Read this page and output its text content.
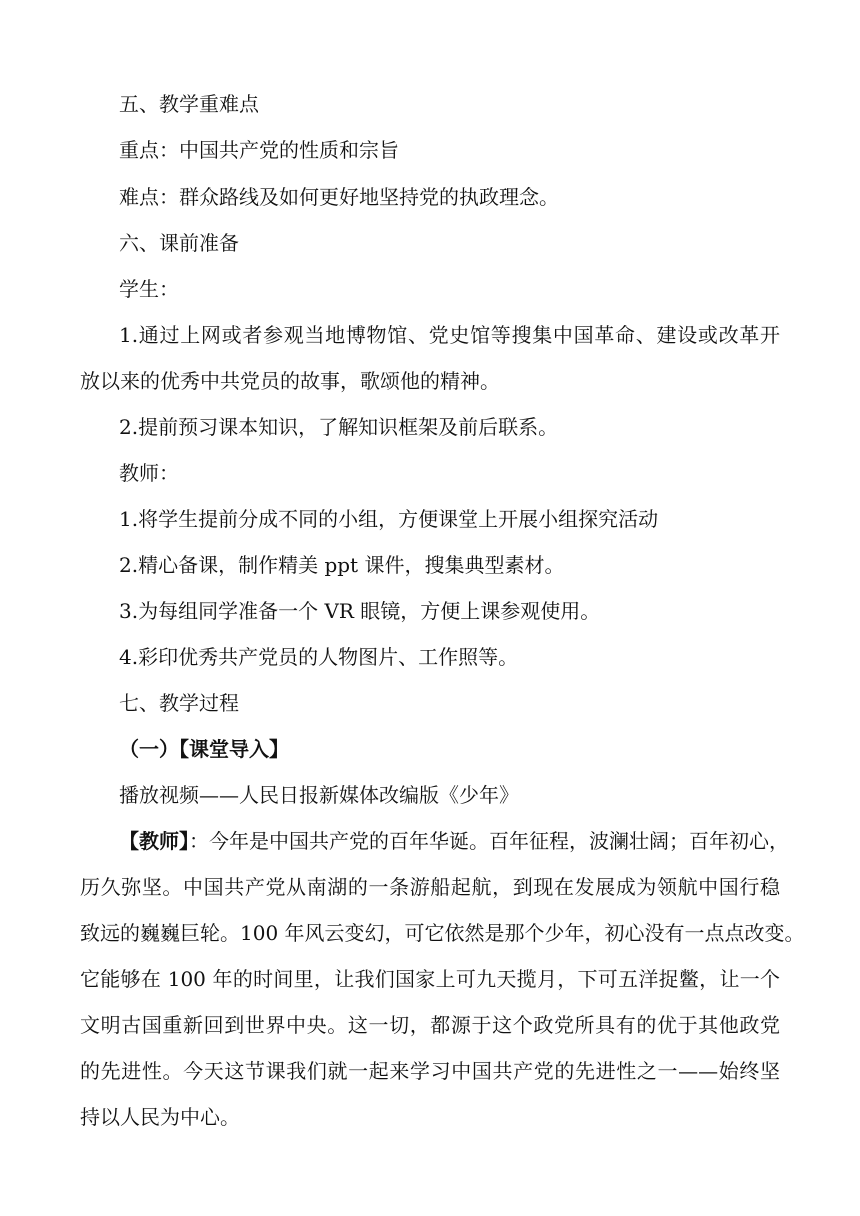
五、教学重难点
重点：中国共产党的性质和宗旨
难点：群众路线及如何更好地坚持党的执政理念。
六、课前准备
学生：
1.通过上网或者参观当地博物馆、党史馆等搜集中国革命、建设或改革开
放以来的优秀中共党员的故事，歌颂他的精神。
2.提前预习课本知识，了解知识框架及前后联系。
教师：
1.将学生提前分成不同的小组，方便课堂上开展小组探究活动
2.精心备课，制作精美 ppt 课件，搜集典型素材。
3.为每组同学准备一个 VR 眼镜，方便上课参观使用。
4.彩印优秀共产党员的人物图片、工作照等。
七、教学过程
（一）【课堂导入】
播放视频——人民日报新媒体改编版《少年》
【教师】：今年是中国共产党的百年华诞。百年征程，波澜壮阔；百年初心，
历久弥坚。中国共产党从南湖的一条游船起航，到现在发展成为领航中国行稳
致远的巍巍巨轮。100 年风云变幻，可它依然是那个少年，初心没有一点点改变。
它能够在 100 年的时间里，让我们国家上可九天揽月，下可五洋捉鳖，让一个
文明古国重新回到世界中央。这一切，都源于这个政党所具有的优于其他政党
的先进性。今天这节课我们就一起来学习中国共产党的先进性之一——始终坚
持以人民为中心。
